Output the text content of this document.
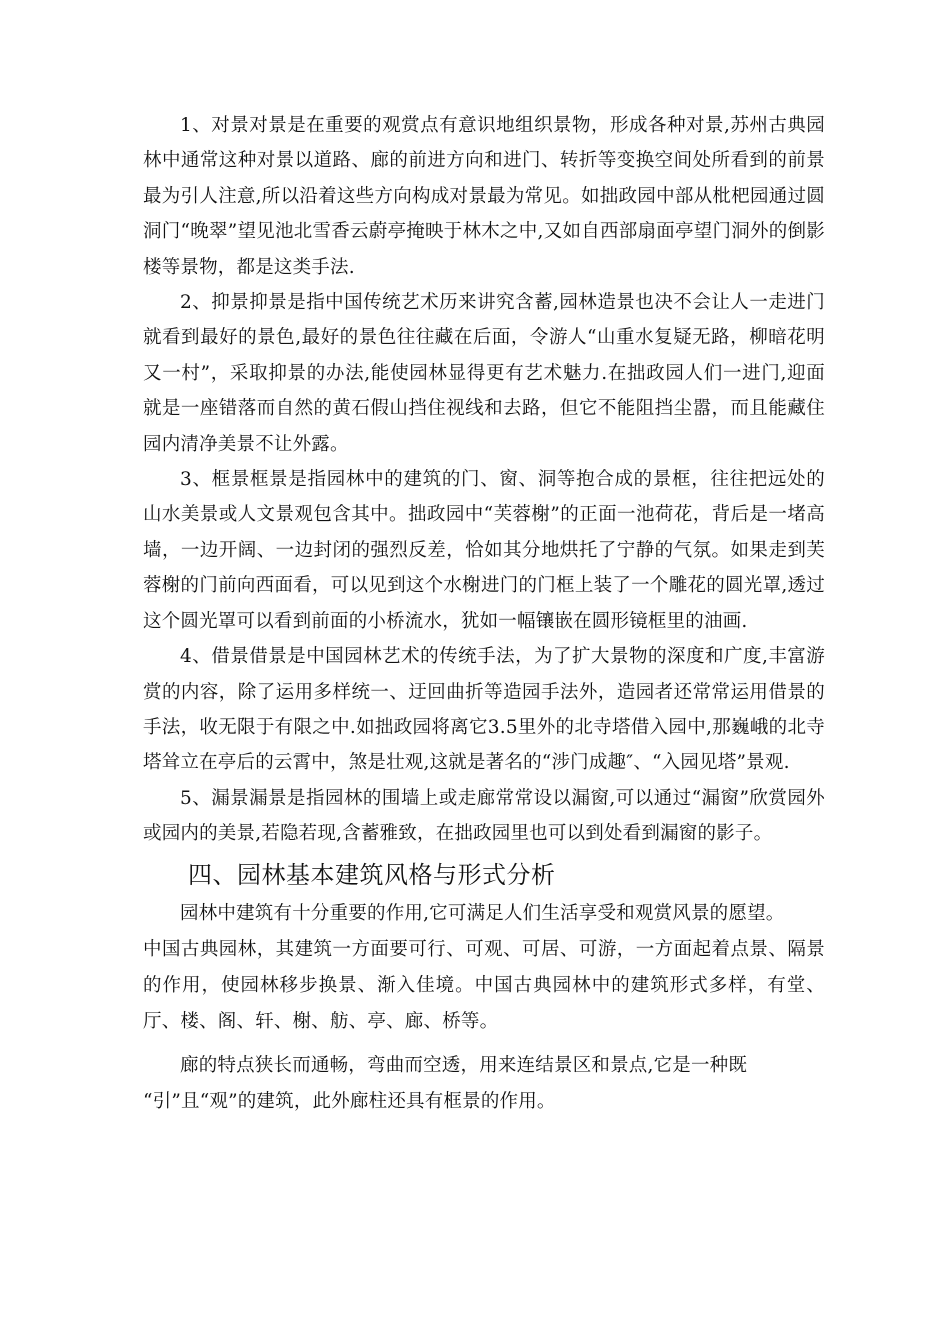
1、对景对景是在重要的观赏点有意识地组织景物，形成各种对景,苏州古典园林中通常这种对景以道路、廊的前进方向和进门、转折等变换空间处所看到的前景最为引人注意,所以沿着这些方向构成对景最为常见。如拙政园中部从枇杷园通过圆洞门“晚翠”望见池北雪香云蔚亭掩映于林木之中,又如自西部扇面亭望门洞外的倒影楼等景物，都是这类手法.

2、抑景抑景是指中国传统艺术历来讲究含蓄,园林造景也决不会让人一走进门就看到最好的景色,最好的景色往往藏在后面，令游人“山重水复疑无路，柳暗花明又一村”，采取抑景的办法,能使园林显得更有艺术魅力.在拙政园人们一进门,迎面就是一座错落而自然的黄石假山挡住视线和去路，但它不能阻挡尘嚣，而且能藏住园内清净美景不让外露。

3、框景框景是指园林中的建筑的门、窗、洞等抱合成的景框，往往把远处的山水美景或人文景观包含其中。拙政园中“芙蓉榭”的正面一池荷花，背后是一堵高墙，一边开阔、一边封闭的强烈反差，恰如其分地烘托了宁静的气氛。如果走到芙蓉榭的门前向西面看，可以见到这个水榭进门的门框上装了一个雕花的圆光罩,透过这个圆光罩可以看到前面的小桥流水，犹如一幅镶嵌在圆形镜框里的油画.

4、借景借景是中国园林艺术的传统手法，为了扩大景物的深度和广度,丰富游赏的内容，除了运用多样统一、迂回曲折等造园手法外，造园者还常常运用借景的手法，收无限于有限之中.如拙政园将离它3.5里外的北寺塔借入园中,那巍峨的北寺塔耸立在亭后的云霄中，煞是壮观,这就是著名的“涉门成趣″、“入园见塔”景观.

5、漏景漏景是指园林的围墙上或走廊常常设以漏窗,可以通过“漏窗”欣赏园外或园内的美景,若隐若现,含蓄雅致，在拙政园里也可以到处看到漏窗的影子。

四、园林基本建筑风格与形式分析

园林中建筑有十分重要的作用,它可满足人们生活享受和观赏风景的愿望。
中国古典园林，其建筑一方面要可行、可观、可居、可游，一方面起着点景、隔景的作用，使园林移步换景、渐入佳境。中国古典园林中的建筑形式多样，有堂、厅、楼、阁、轩、榭、舫、亭、廊、桥等。

廊的特点狭长而通畅，弯曲而空透，用来连结景区和景点,它是一种既
“引”且“观”的建筑，此外廊柱还具有框景的作用。
